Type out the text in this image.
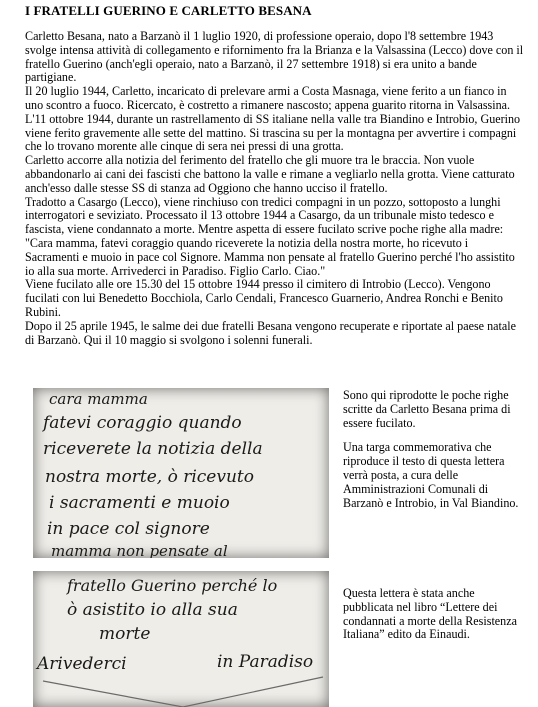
I FRATELLI GUERINO E CARLETTO BESANA

Carletto Besana, nato a Barzanò il 1 luglio 1920, di professione operaio, dopo l'8 settembre 1943 svolge intensa attività di collegamento e rifornimento fra la Brianza e la Valsassina (Lecco) dove con il fratello Guerino (anch'egli operaio, nato a Barzanò, il 27 settembre 1918) si era unito a bande partigiane.

Il 20 luglio 1944, Carletto, incaricato di prelevare armi a Costa Masnaga, viene ferito a un fianco in uno scontro a fuoco. Ricercato, è costretto a rimanere nascosto; appena guarito ritorna in Valsassina.

L'11 ottobre 1944, durante un rastrellamento di SS italiane nella valle tra Biandino e Introbio, Guerino viene ferito gravemente alle sette del mattino. Si trascina su per la montagna per avvertire i compagni che lo trovano morente alle cinque di sera nei pressi di una grotta.

Carletto accorre alla notizia del ferimento del fratello che gli muore tra le braccia. Non vuole abbandonarlo ai cani dei fascisti che battono la valle e rimane a vegliarlo nella grotta. Viene catturato anch'esso dalle stesse SS di stanza ad Oggiono che hanno ucciso il fratello.

Tradotto a Casargo (Lecco), viene rinchiuso con tredici compagni in un pozzo, sottoposto a lunghi interrogatori e seviziato. Processato il 13 ottobre 1944 a Casargo, da un tribunale misto tedesco e fascista, viene condannato a morte. Mentre aspetta di essere fucilato scrive poche righe alla madre: "Cara mamma, fatevi coraggio quando riceverete la notizia della nostra morte, ho ricevuto i Sacramenti e muoio in pace col Signore. Mamma non pensate al fratello Guerino perché l'ho assistito io alla sua morte. Arrivederci in Paradiso. Figlio Carlo. Ciao."

Viene fucilato alle ore 15.30 del 15 ottobre 1944 presso il cimitero di Introbio (Lecco). Vengono fucilati con lui Benedetto Bocchiola, Carlo Cendali, Francesco Guarnerio, Andrea Ronchi e Benito Rubini.

Dopo il 25 aprile 1945, le salme dei due fratelli Besana vengono recuperate e riportate al paese natale di Barzanò. Qui il 10 maggio si svolgono i solenni funerali.

cara mamma
fatevi coraggio quando
riceverete la notizia della
nostra morte, ò ricevuto
i sacramenti e muoio
in pace col signore
mamma non pensate al

Sono qui riprodotte le poche righe scritte da Carletto Besana prima di essere fucilato.

Una targa commemorativa che riproduce il testo di questa lettera verrà posta, a cura delle Amministrazioni Comunali di Barzanò e Introbio, in Val Biandino.

fratello Guerino perché lo
ò asistito io alla sua
morte
Arivederci	in Paradiso

Questa lettera è stata anche pubblicata nel libro “Lettere dei condannati a morte della Resistenza Italiana” edito da Einaudi.
